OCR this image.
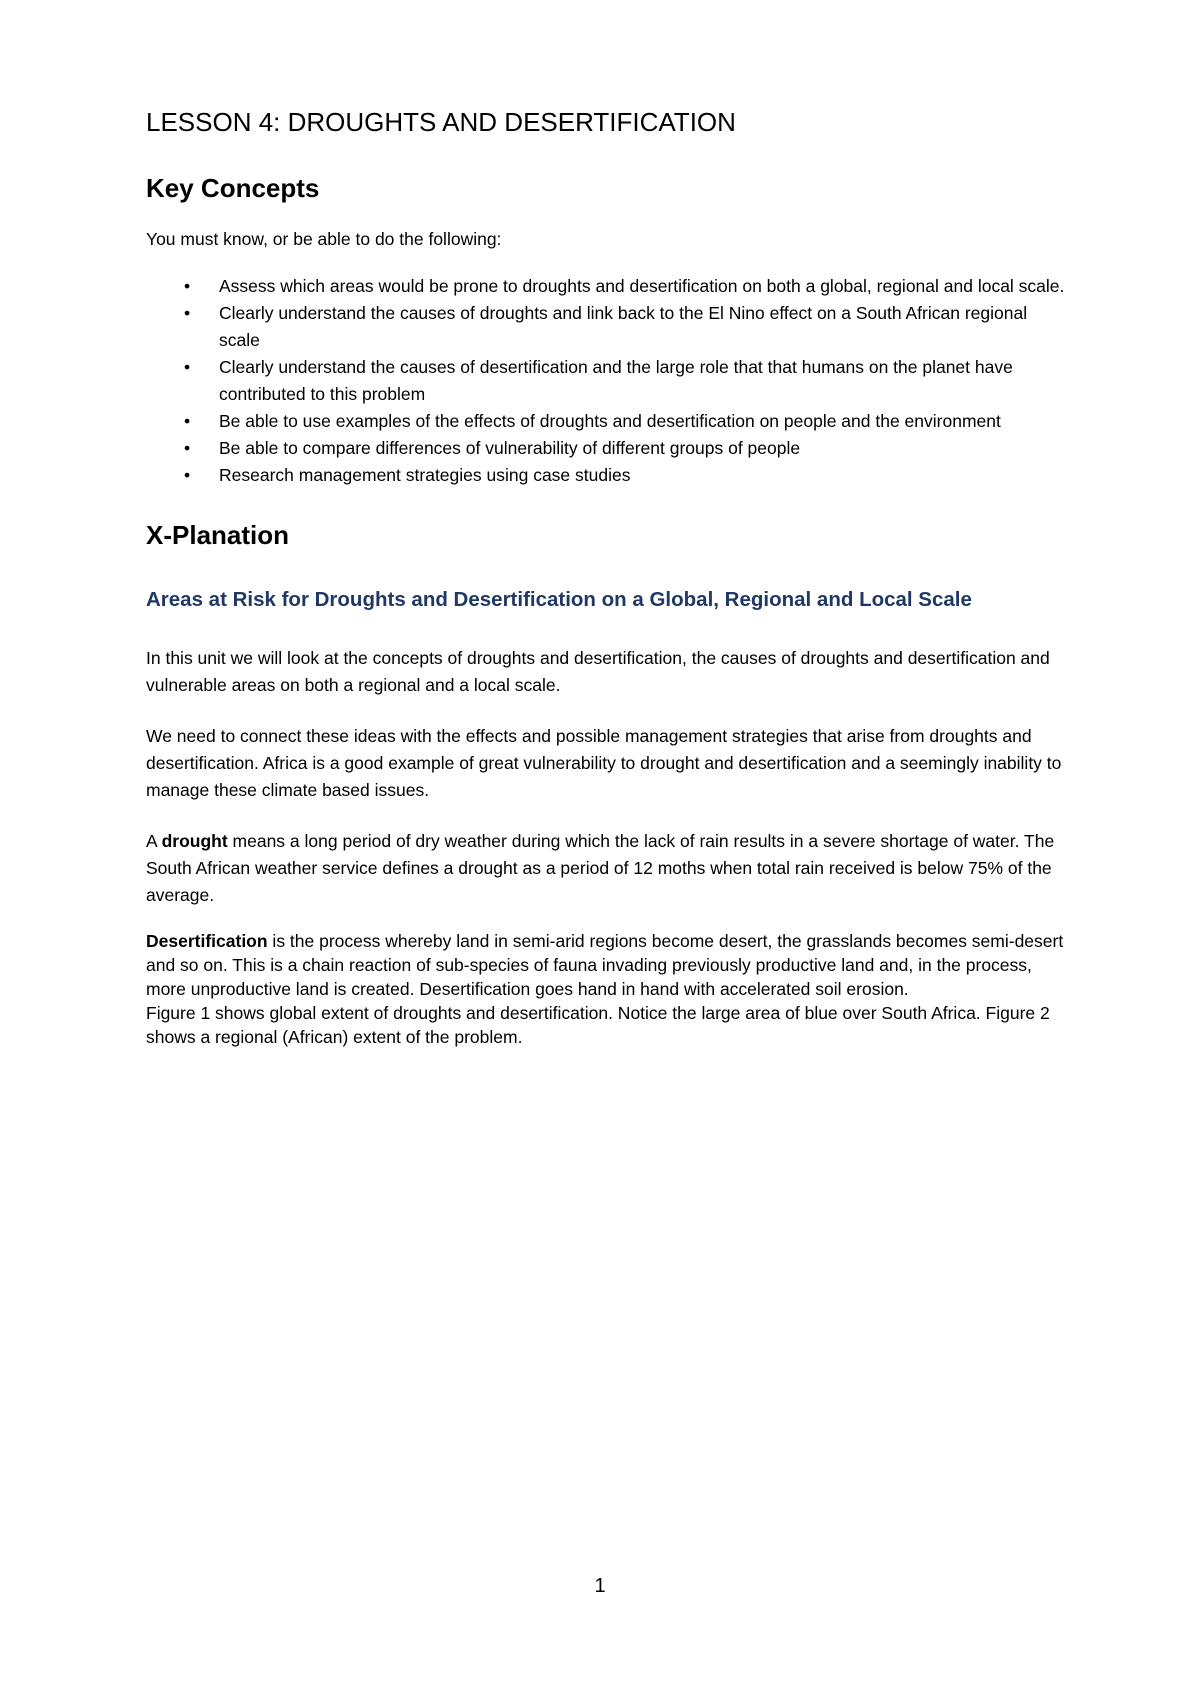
LESSON 4: DROUGHTS AND DESERTIFICATION
Key Concepts

You must know, or be able to do the following:

• Assess which areas would be prone to droughts and desertification on both a global, regional and local scale.
• Clearly understand the causes of droughts and link back to the El Nino effect on a South African regional scale
• Clearly understand the causes of desertification and the large role that that humans on the planet have contributed to this problem
• Be able to use examples of the effects of droughts and desertification on people and the environment
• Be able to compare differences of vulnerability of different groups of people
• Research management strategies using case studies
X-Planation
Areas at Risk for Droughts and Desertification on a Global, Regional and Local Scale

In this unit we will look at the concepts of droughts and desertification, the causes of droughts and desertification and vulnerable areas on both a regional and a local scale.

We need to connect these ideas with the effects and possible management strategies that arise from droughts and desertification. Africa is a good example of great vulnerability to drought and desertification and a seemingly inability to manage these climate based issues.

A drought means a long period of dry weather during which the lack of rain results in a severe shortage of water. The South African weather service defines a drought as a period of 12 moths when total rain received is below 75% of the average.

Desertification is the process whereby land in semi-arid regions become desert, the grasslands becomes semi-desert and so on. This is a chain reaction of sub-species of fauna invading previously productive land and, in the process, more unproductive land is created. Desertification goes hand in hand with accelerated soil erosion.

Figure 1 shows global extent of droughts and desertification. Notice the large area of blue over South Africa. Figure 2 shows a regional (African) extent of the problem.

1
